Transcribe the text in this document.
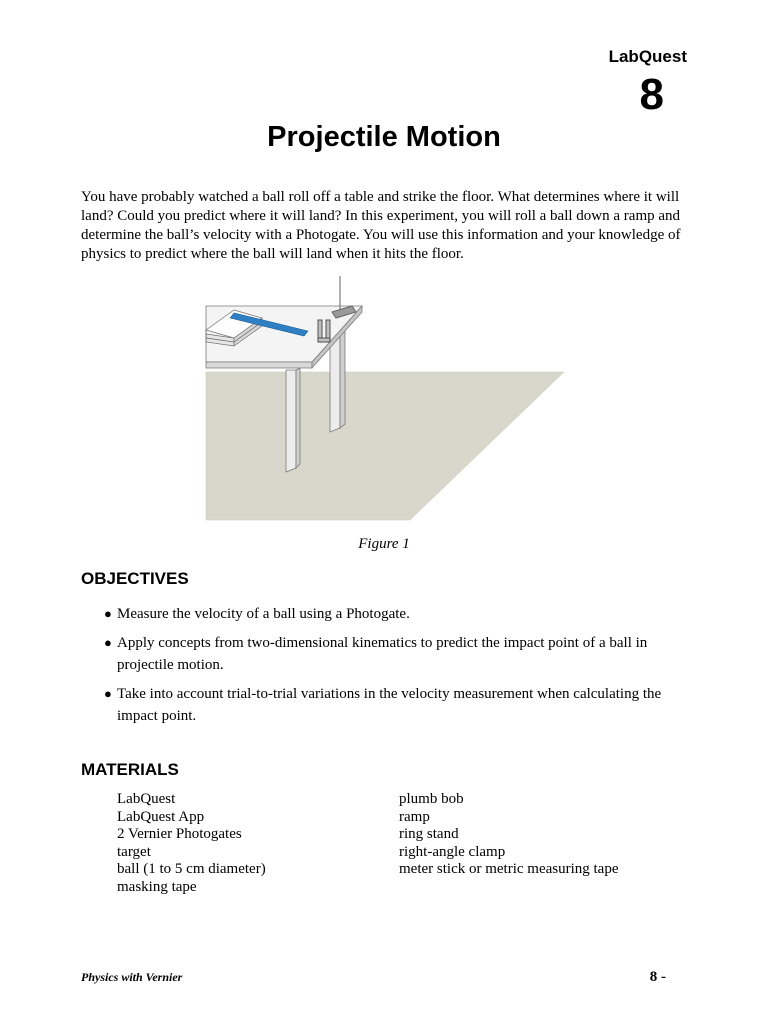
LabQuest
8
Projectile Motion

You have probably watched a ball roll off a table and strike the floor. What determines where it will land? Could you predict where it will land? In this experiment, you will roll a ball down a ramp and determine the ball’s velocity with a Photogate. You will use this information and your knowledge of physics to predict where the ball will land when it hits the floor.

Figure 1
OBJECTIVES
● Measure the velocity of a ball using a Photogate.
● Apply concepts from two-dimensional kinematics to predict the impact point of a ball in projectile motion.
● Take into account trial-to-trial variations in the velocity measurement when calculating the impact point.
MATERIALS
LabQuest
LabQuest App
2 Vernier Photogates
target
ball (1 to 5 cm diameter)
masking tape
plumb bob
ramp
ring stand
right-angle clamp
meter stick or metric measuring tape
Physics with Vernier	8 -
